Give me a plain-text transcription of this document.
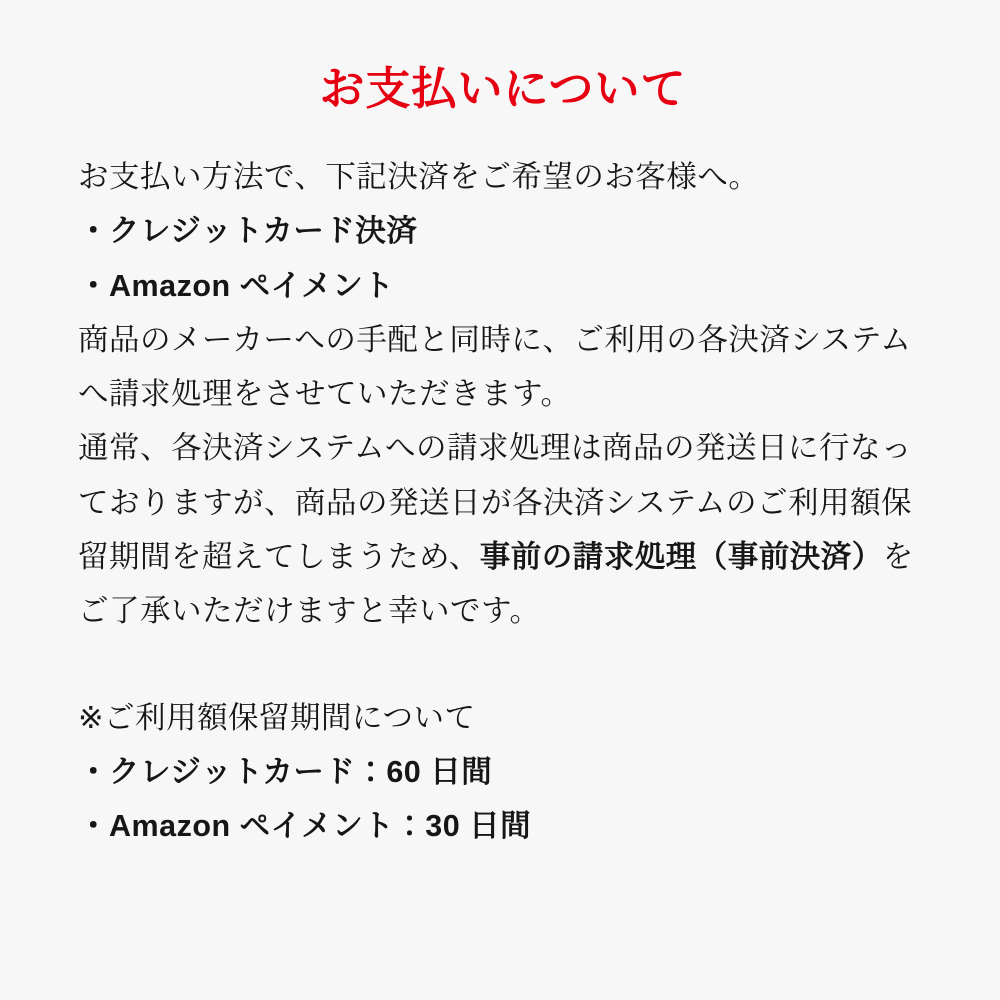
お支払いについて

お支払い方法で、下記決済をご希望のお客様へ。

・クレジットカード決済

・Amazon ペイメント

商品のメーカーへの手配と同時に、ご利用の各決済システムへ請求処理をさせていただきます。

通常、各決済システムへの請求処理は商品の発送日に行なっておりますが、商品の発送日が各決済システムのご利用額保留期間を超えてしまうため、事前の請求処理（事前決済）をご了承いただけますと幸いです。

※ご利用額保留期間について

・クレジットカード：60 日間

・Amazon ペイメント：30 日間
